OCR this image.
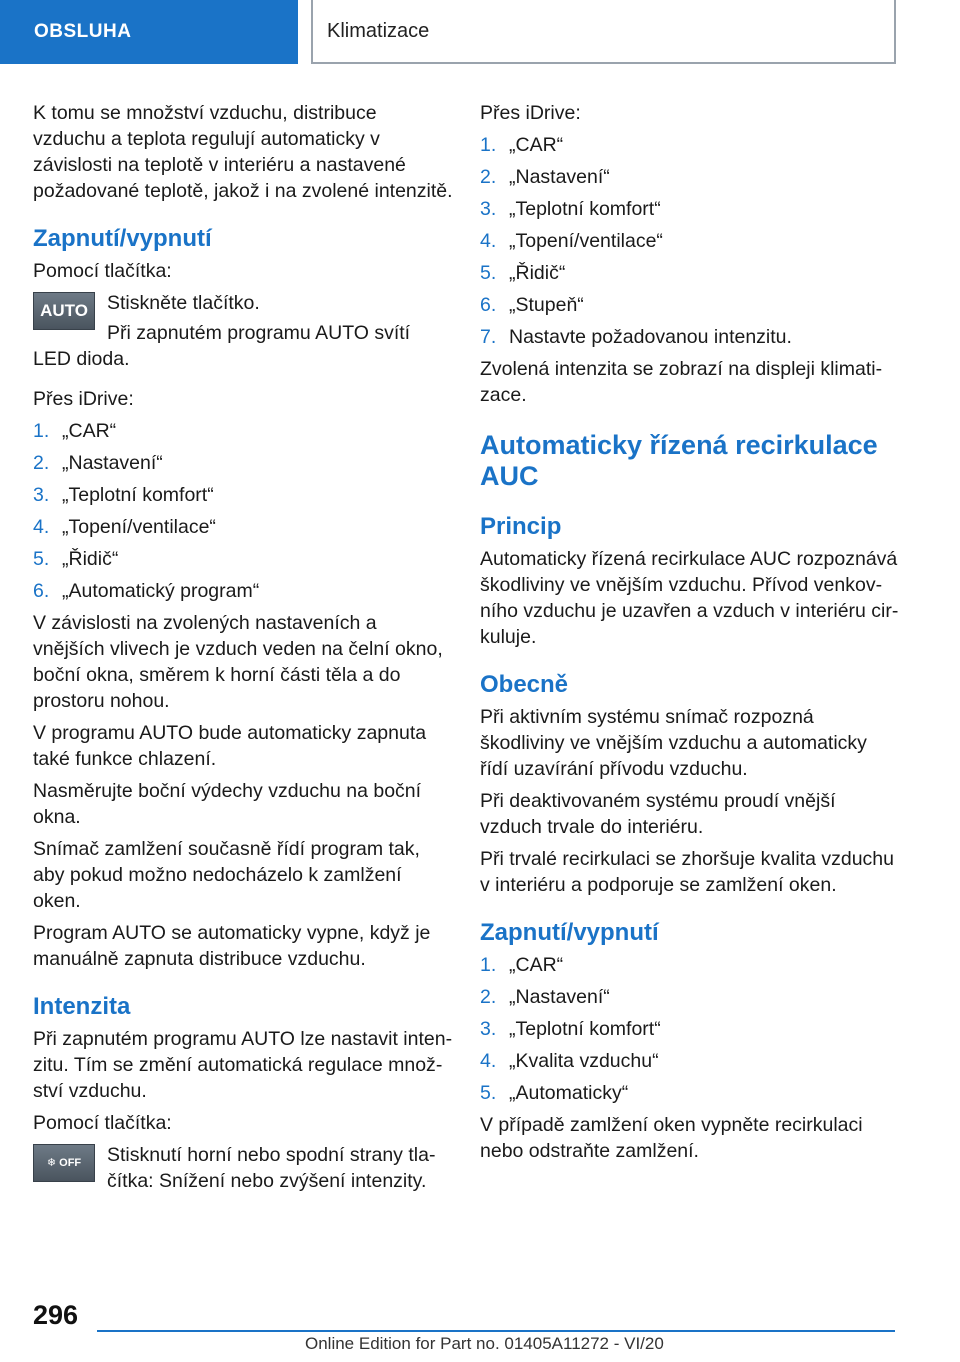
OBSLUHA	Klimatizace

K tomu se množství vzduchu, distribuce vzduchu a teplota regulují automaticky v závislosti na teplotě v interiéru a nastavené požadované teplotě, jakož i na zvolené intenzitě.

Zapnutí/vypnutí

Pomocí tlačítka:

AUTO Stiskněte tlačítko.

Při zapnutém programu AUTO svítí LED dioda.

Přes iDrive:

1. „CAR“
2. „Nastavení“
3. „Teplotní komfort“
4. „Topení/ventilace“
5. „Řidič“
6. „Automatický program“

V závislosti na zvolených nastaveních a vnějších vlivech je vzduch veden na čelní okno, boční okna, směrem k horní části těla a do prostoru nohou.

V programu AUTO bude automaticky zapnuta také funkce chlazení.

Nasměrujte boční výdechy vzduchu na boční okna.

Snímač zamlžení současně řídí program tak, aby pokud možno nedocházelo k zamlžení oken.

Program AUTO se automaticky vypne, když je manuálně zapnuta distribuce vzduchu.

Intenzita

Při zapnutém programu AUTO lze nastavit intenzitu. Tím se změní automatická regulace množství vzduchu.

Pomocí tlačítka:

❄ OFF	Stisknutí horní nebo spodní strany tlačítka: Snížení nebo zvýšení intenzity.

Přes iDrive:

1. „CAR“
2. „Nastavení“
3. „Teplotní komfort“
4. „Topení/ventilace“
5. „Řidič“
6. „Stupeň“
7. Nastavte požadovanou intenzitu.

Zvolená intenzita se zobrazí na displeji klimatizace.

Automaticky řízená recirkulace AUC
Princip

Automaticky řízená recirkulace AUC rozpoznává škodliviny ve vnějším vzduchu. Přívod venkovního vzduchu je uzavřen a vzduch v interiéru cirkuluje.

Obecně

Při aktivním systému snímač rozpozná škodliviny ve vnějším vzduchu a automaticky řídí uzavírání přívodu vzduchu.

Při deaktivovaném systému proudí vnější vzduch trvale do interiéru.

Při trvalé recirkulaci se zhoršuje kvalita vzduchu v interiéru a podporuje se zamlžení oken.

Zapnutí/vypnutí
1. „CAR“
2. „Nastavení“
3. „Teplotní komfort“
4. „Kvalita vzduchu“
5. „Automaticky“

V případě zamlžení oken vypněte recirkulaci nebo odstraňte zamlžení.

296
Online Edition for Part no. 01405A11272 - VI/20
